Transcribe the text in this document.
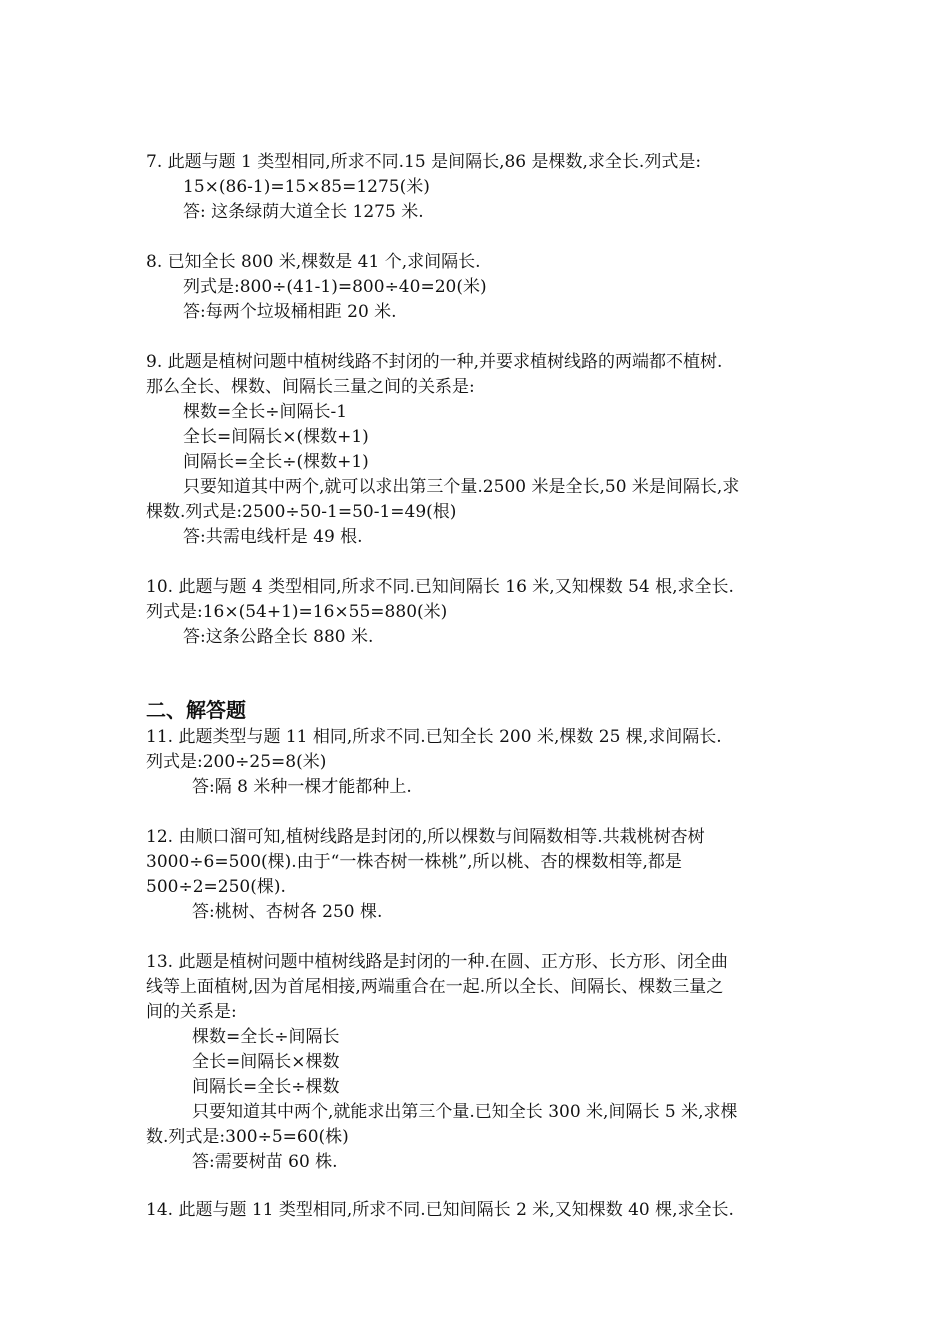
7. 此题与题 1 类型相同,所求不同.15 是间隔长,86 是棵数,求全长.列式是:
15×(86-1)=15×85=1275(米)
答: 这条绿荫大道全长 1275 米.
8. 已知全长 800 米,棵数是 41 个,求间隔长.
列式是:800÷(41-1)=800÷40=20(米)
答:每两个垃圾桶相距 20 米.
9. 此题是植树问题中植树线路不封闭的一种,并要求植树线路的两端都不植树.
那么全长、棵数、间隔长三量之间的关系是:
棵数=全长÷间隔长-1
全长=间隔长×(棵数+1)
间隔长=全长÷(棵数+1)
只要知道其中两个,就可以求出第三个量.2500 米是全长,50 米是间隔长,求
棵数.列式是:2500÷50-1=50-1=49(根)
答:共需电线杆是 49 根.
10. 此题与题 4 类型相同,所求不同.已知间隔长 16 米,又知棵数 54 根,求全长.
列式是:16×(54+1)=16×55=880(米)
答:这条公路全长 880 米.
二、解答题
11. 此题类型与题 11 相同,所求不同.已知全长 200 米,棵数 25 棵,求间隔长.
列式是:200÷25=8(米)
答:隔 8 米种一棵才能都种上.
12. 由顺口溜可知,植树线路是封闭的,所以棵数与间隔数相等.共栽桃树杏树
3000÷6=500(棵).由于“一株杏树一株桃”,所以桃、杏的棵数相等,都是
500÷2=250(棵).
答:桃树、杏树各 250 棵.
13. 此题是植树问题中植树线路是封闭的一种.在圆、正方形、长方形、闭全曲
线等上面植树,因为首尾相接,两端重合在一起.所以全长、间隔长、棵数三量之
间的关系是:
棵数=全长÷间隔长
全长=间隔长×棵数
间隔长=全长÷棵数
只要知道其中两个,就能求出第三个量.已知全长 300 米,间隔长 5 米,求棵
数.列式是:300÷5=60(株)
答:需要树苗 60 株.
14. 此题与题 11 类型相同,所求不同.已知间隔长 2 米,又知棵数 40 棵,求全长.
